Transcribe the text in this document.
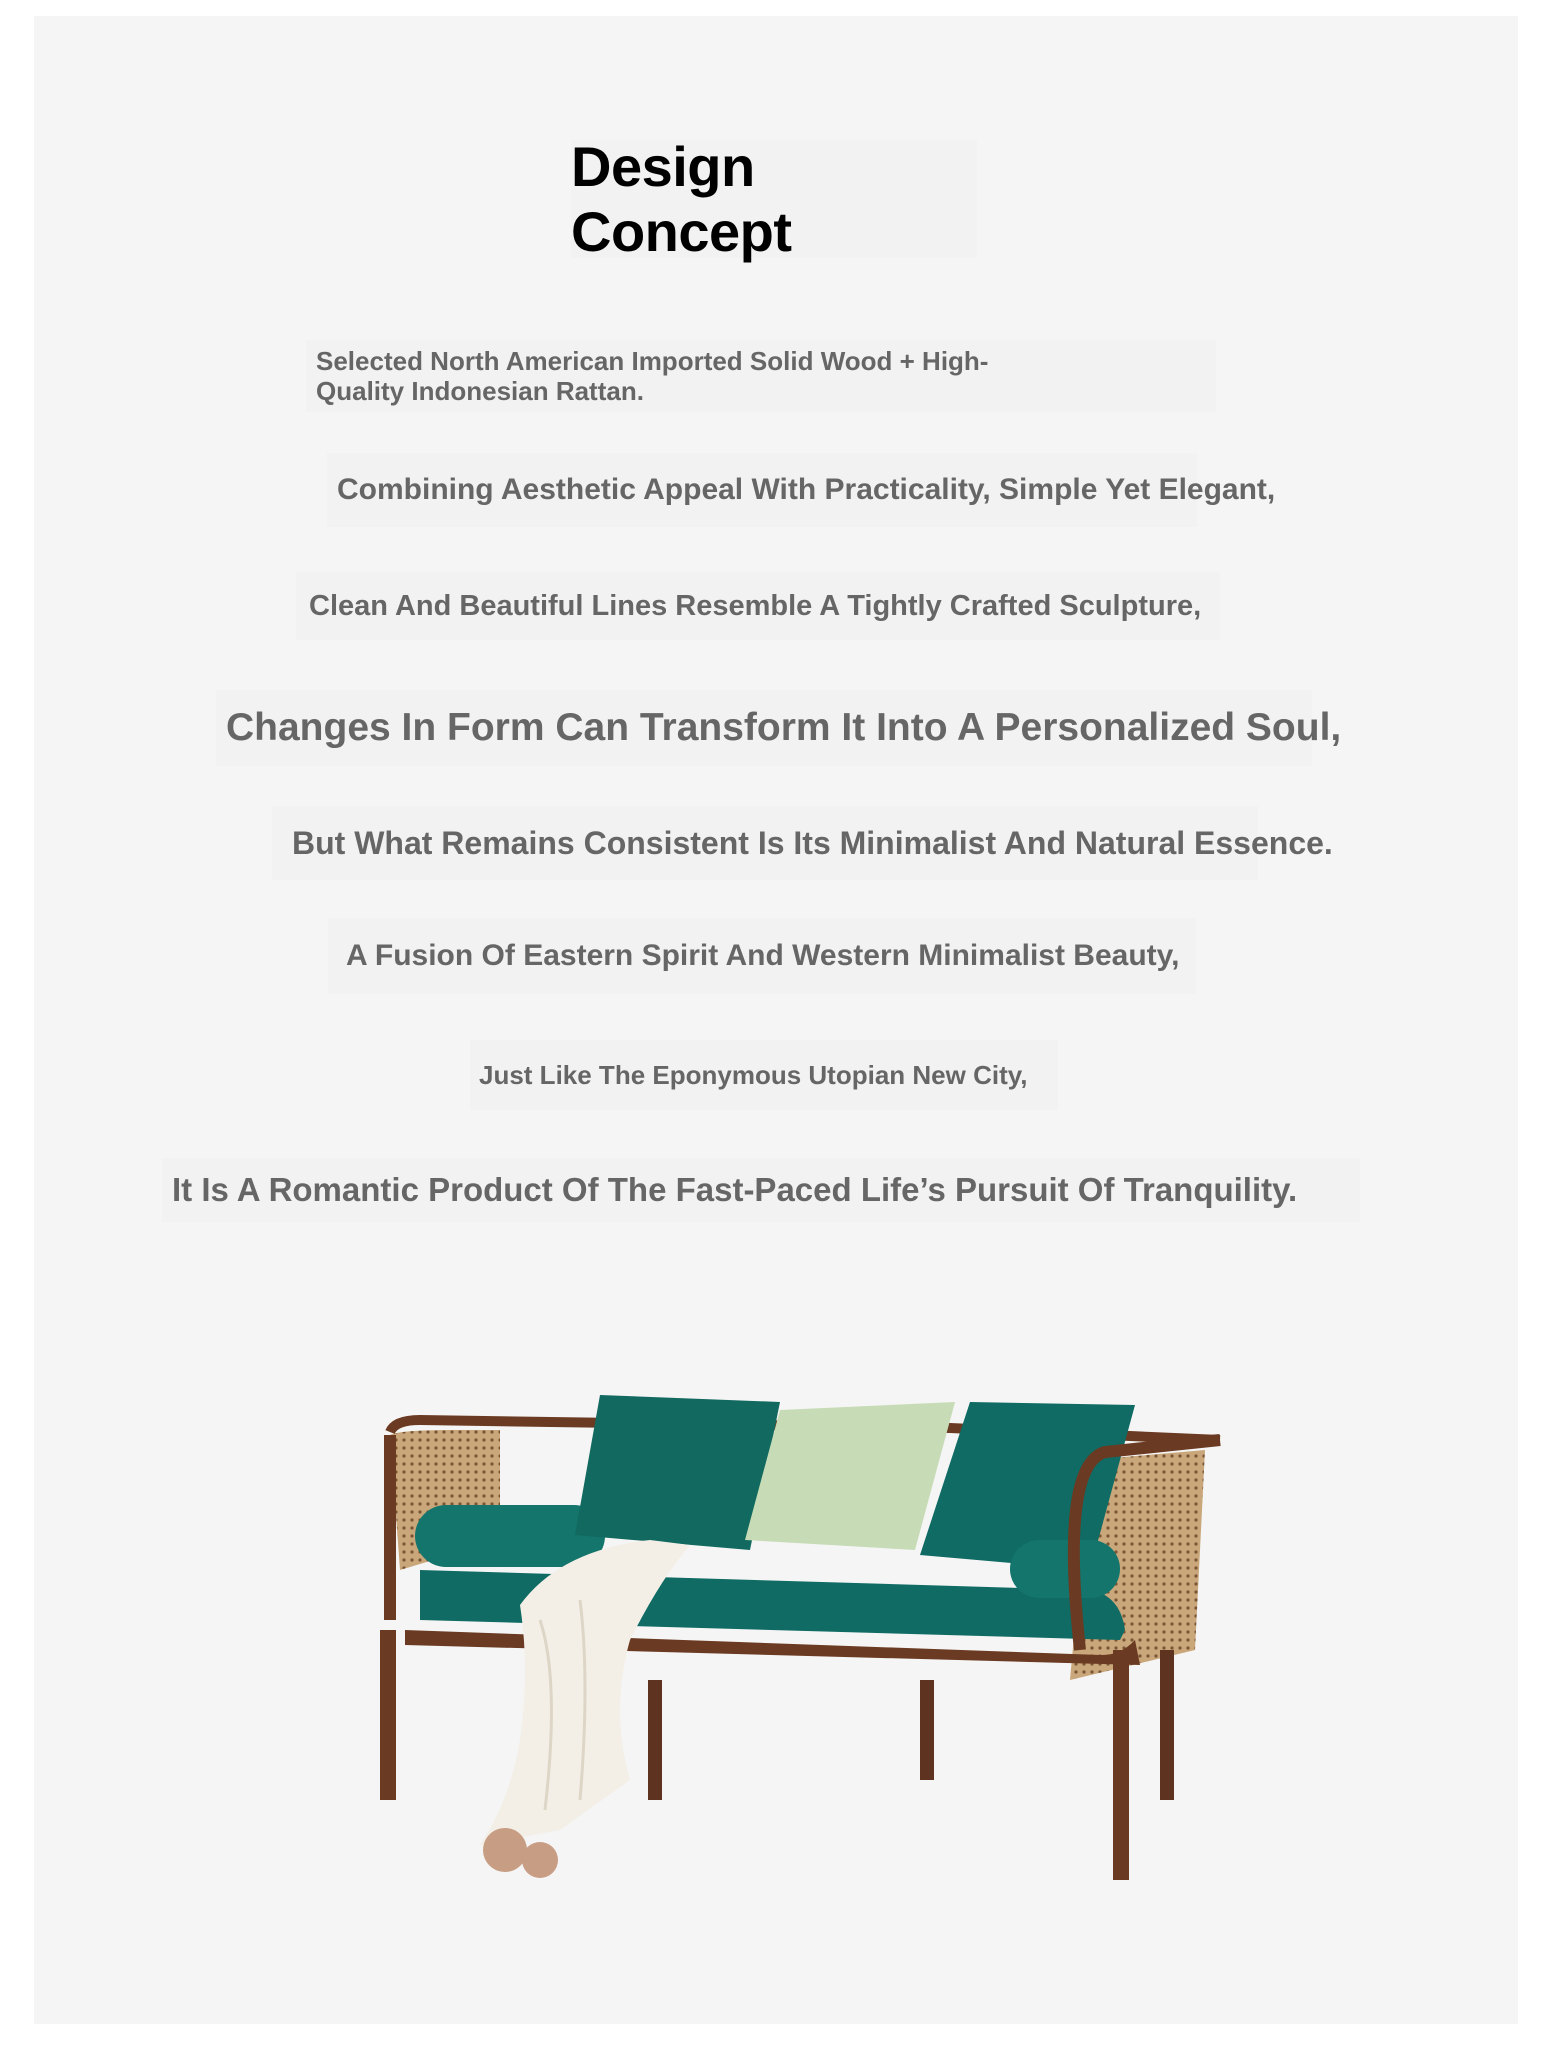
Design Concept
Selected North American Imported Solid Wood + High-Quality Indonesian Rattan.
Combining Aesthetic Appeal With Practicality, Simple Yet Elegant,
Clean And Beautiful Lines Resemble A Tightly Crafted Sculpture,
Changes In Form Can Transform It Into A Personalized Soul,
But What Remains Consistent Is Its Minimalist And Natural Essence.
A Fusion Of Eastern Spirit And Western Minimalist Beauty,
Just Like The Eponymous Utopian New City,
It Is A Romantic Product Of The Fast-Paced Life’s Pursuit Of Tranquility.
